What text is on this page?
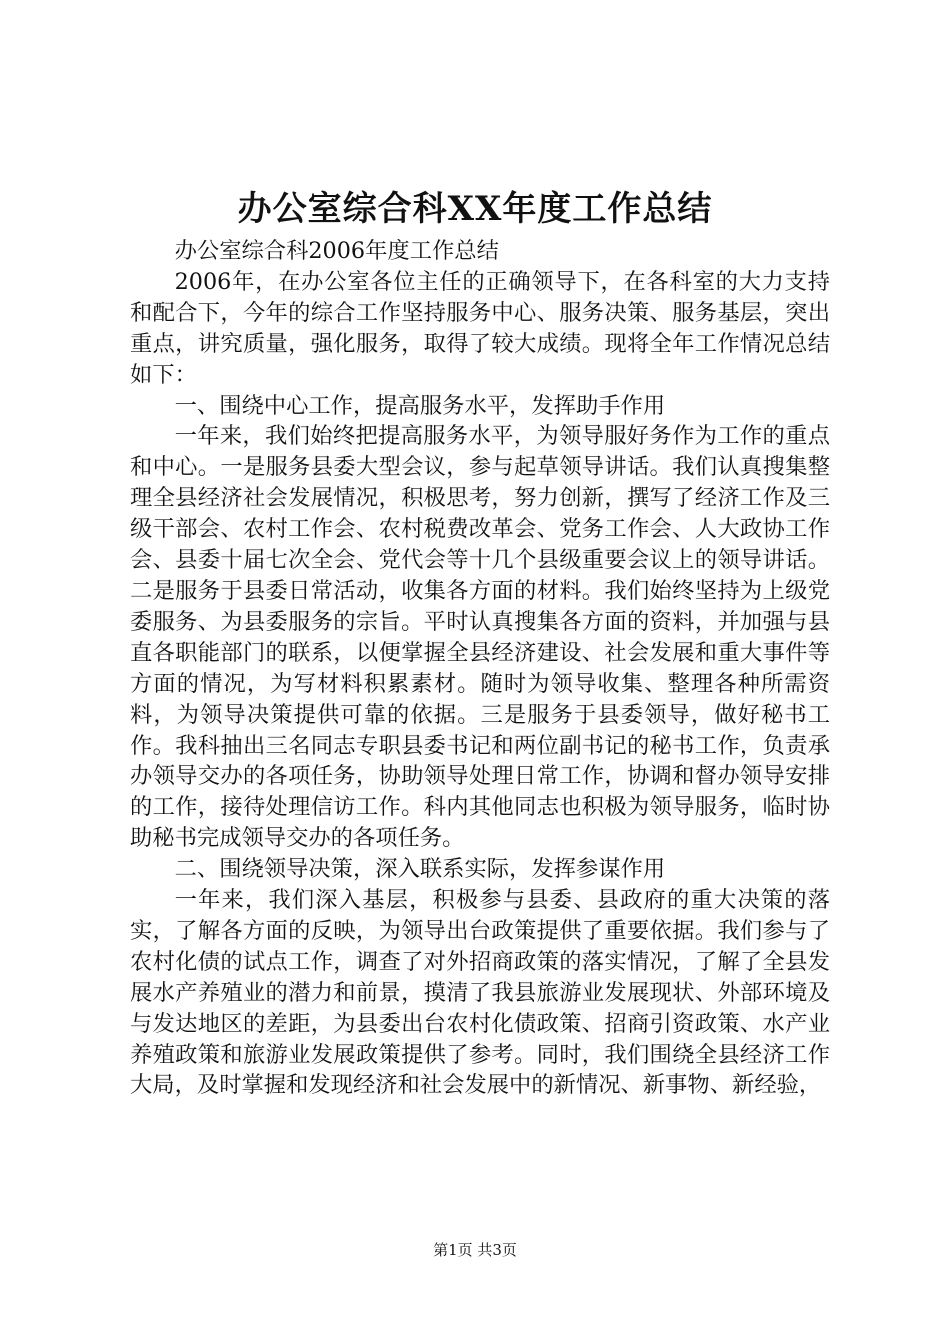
办公室综合科XX年度工作总结

办公室综合科2006年度工作总结

2006年，在办公室各位主任的正确领导下，在各科室的大力支持和配合下，今年的综合工作坚持服务中心、服务决策、服务基层，突出重点，讲究质量，强化服务，取得了较大成绩。现将全年工作情况总结如下：

一、围绕中心工作，提高服务水平，发挥助手作用

一年来，我们始终把提高服务水平，为领导服好务作为工作的重点和中心。一是服务县委大型会议，参与起草领导讲话。我们认真搜集整理全县经济社会发展情况，积极思考，努力创新，撰写了经济工作及三级干部会、农村工作会、农村税费改革会、党务工作会、人大政协工作会、县委十届七次全会、党代会等十几个县级重要会议上的领导讲话。二是服务于县委日常活动，收集各方面的材料。我们始终坚持为上级党委服务、为县委服务的宗旨。平时认真搜集各方面的资料，并加强与县直各职能部门的联系，以便掌握全县经济建设、社会发展和重大事件等方面的情况，为写材料积累素材。随时为领导收集、整理各种所需资料，为领导决策提供可靠的依据。三是服务于县委领导，做好秘书工作。我科抽出三名同志专职县委书记和两位副书记的秘书工作，负责承办领导交办的各项任务，协助领导处理日常工作，协调和督办领导安排的工作，接待处理信访工作。科内其他同志也积极为领导服务，临时协助秘书完成领导交办的各项任务。

二、围绕领导决策，深入联系实际，发挥参谋作用

一年来，我们深入基层，积极参与县委、县政府的重大决策的落实，了解各方面的反映，为领导出台政策提供了重要依据。我们参与了农村化债的试点工作，调查了对外招商政策的落实情况，了解了全县发展水产养殖业的潜力和前景，摸清了我县旅游业发展现状、外部环境及与发达地区的差距，为县委出台农村化债政策、招商引资政策、水产业养殖政策和旅游业发展政策提供了参考。同时，我们围绕全县经济工作大局，及时掌握和发现经济和社会发展中的新情况、新事物、新经验，

第1页 共3页
